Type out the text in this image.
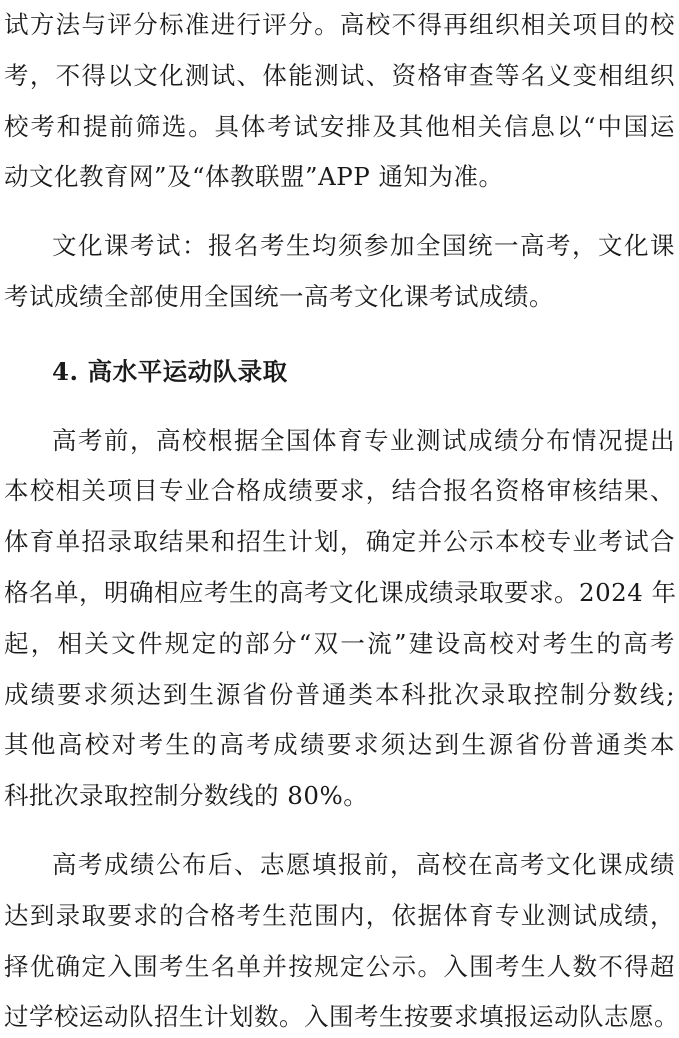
试方法与评分标准进行评分。高校不得再组织相关项目的校
考，不得以文化测试、体能测试、资格审查等名义变相组织
校考和提前筛选。具体考试安排及其他相关信息以“中国运
动文化教育网”及“体教联盟”APP 通知为准。
文化课考试：报名考生均须参加全国统一高考，文化课
考试成绩全部使用全国统一高考文化课考试成绩。
4. 高水平运动队录取
高考前，高校根据全国体育专业测试成绩分布情况提出
本校相关项目专业合格成绩要求，结合报名资格审核结果、
体育单招录取结果和招生计划，确定并公示本校专业考试合
格名单，明确相应考生的高考文化课成绩录取要求。2024 年
起，相关文件规定的部分“双一流”建设高校对考生的高考
成绩要求须达到生源省份普通类本科批次录取控制分数线;
其他高校对考生的高考成绩要求须达到生源省份普通类本
科批次录取控制分数线的 80%。
高考成绩公布后、志愿填报前，高校在高考文化课成绩
达到录取要求的合格考生范围内，依据体育专业测试成绩，
择优确定入围考生名单并按规定公示。入围考生人数不得超
过学校运动队招生计划数。入围考生按要求填报运动队志愿。
